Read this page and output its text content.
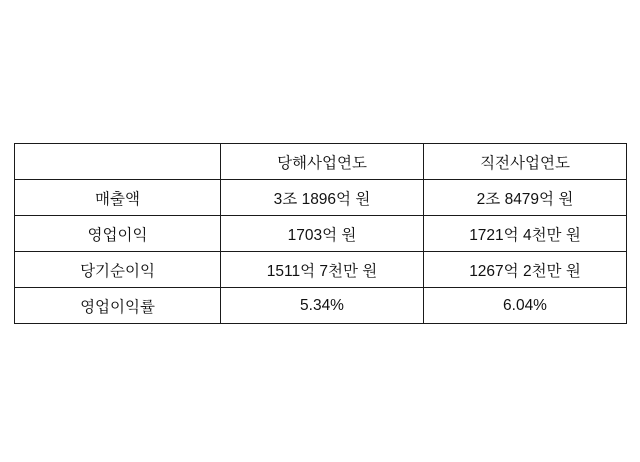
	당해사업연도	직전사업연도
매출액	3조 1896억 원	2조 8479억 원
영업이익	1703억 원	1721억 4천만 원
당기순이익	1511억 7천만 원	1267억 2천만 원
영업이익률	5.34%	6.04%
